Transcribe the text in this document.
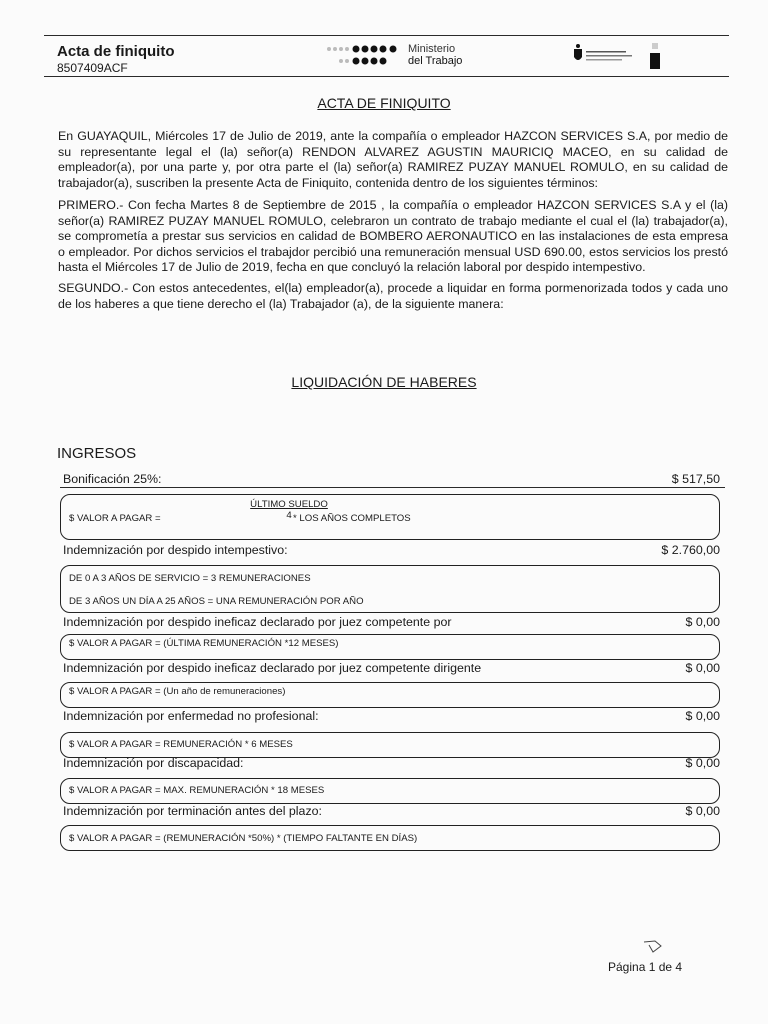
Acta de finiquito
8507409ACF
Ministerio
del Trabajo
ACTA DE FINIQUITO
En GUAYAQUIL, Miércoles 17 de Julio de 2019, ante la compañía o empleador HAZCON SERVICES S.A, por medio de su representante legal el (la) señor(a) RENDON ALVAREZ AGUSTIN MAURICIQ MACEO, en su calidad de empleador(a), por una parte y, por otra parte el (la) señor(a) RAMIREZ PUZAY MANUEL ROMULO, en su calidad de trabajador(a), suscriben la presente Acta de Finiquito, contenida dentro de los siguientes términos:
PRIMERO.- Con fecha Martes 8 de Septiembre de 2015 , la compañía o empleador HAZCON SERVICES S.A y el (la) señor(a) RAMIREZ PUZAY MANUEL ROMULO, celebraron un contrato de trabajo mediante el cual el (la) trabajador(a), se comprometía a prestar sus servicios en calidad de BOMBERO AERONAUTICO en las instalaciones de esta empresa o empleador. Por dichos servicios el trabajdor percibió una remuneración mensual USD 690.00, estos servicios los prestó hasta el Miércoles 17 de Julio de 2019, fecha en que concluyó la relación laboral por despido intempestivo.
SEGUNDO.- Con estos antecedentes, el(la) empleador(a), procede a liquidar en forma pormenorizada todos y cada uno de los haberes a que tiene derecho el (la) Trabajador (a), de la siguiente manera:
LIQUIDACIÓN DE HABERES
INGRESOS
Bonificación 25%:	$ 517,50
$ VALOR A PAGAR =
ÚLTIMO SUELDO
4 * LOS AÑOS COMPLETOS
Indemnización por despido intempestivo:	$ 2.760,00
DE 0 A 3 AÑOS DE SERVICIO = 3 REMUNERACIONES
DE 3 AÑOS UN DÍA A 25 AÑOS = UNA REMUNERACIÓN POR AÑO
Indemnización por despido ineficaz declarado por juez competente por	$ 0,00
$ VALOR A PAGAR = (ÚLTIMA REMUNERACIÓN *12 MESES)
Indemnización por despido ineficaz declarado por juez competente dirigente	$ 0,00
$ VALOR A PAGAR = (Un año de remuneraciones)
Indemnización por enfermedad no profesional:	$ 0,00
$ VALOR A PAGAR = REMUNERACIÓN * 6 MESES
Indemnización por discapacidad:	$ 0,00
$ VALOR A PAGAR = MAX. REMUNERACIÓN * 18 MESES
Indemnización por terminación antes del plazo:	$ 0,00
$ VALOR A PAGAR = (REMUNERACIÓN *50%) * (TIEMPO FALTANTE EN DÍAS)
Página 1 de 4
